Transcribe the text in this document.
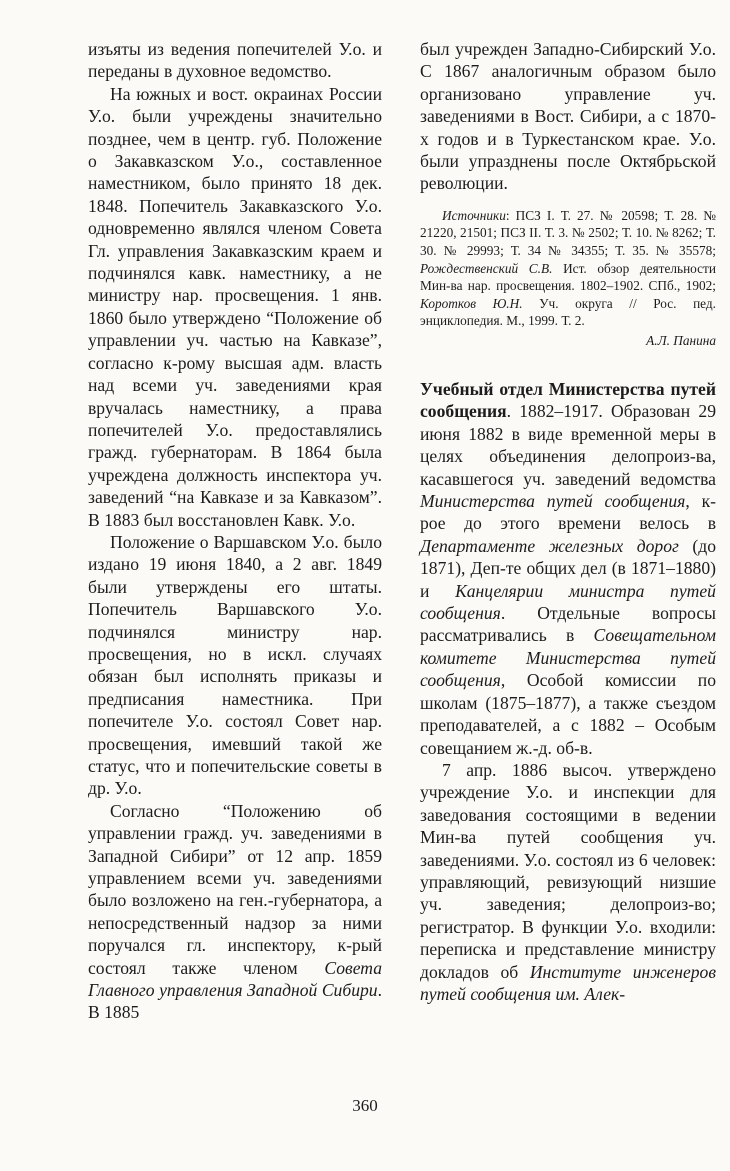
изъяты из ведения попечителей У.о. и переданы в духовное ведомство.

На южных и вост. окраинах России У.о. были учреждены значительно позднее, чем в центр. губ. Положение о Закавказском У.о., составленное наместником, было принято 18 дек. 1848. Попечитель Закавказского У.о. одновременно являлся членом Совета Гл. управления Закавказским краем и подчинялся кавк. наместнику, а не министру нар. просвещения. 1 янв. 1860 было утверждено “Положение об управлении уч. частью на Кавказе”, согласно к-рому высшая адм. власть над всеми уч. заведениями края вручалась наместнику, а права попечителей У.о. предоставлялись гражд. губернаторам. В 1864 была учреждена должность инспектора уч. заведений “на Кавказе и за Кавказом”. В 1883 был восстановлен Кавк. У.о.

Положение о Варшавском У.о. было издано 19 июня 1840, а 2 авг. 1849 были утверждены его штаты. Попечитель Варшавского У.о. подчинялся министру нар. просвещения, но в искл. случаях обязан был исполнять приказы и предписания наместника. При попечителе У.о. состоял Совет нар. просвещения, имевший такой же статус, что и попечительские советы в др. У.о.

Согласно “Положению об управлении гражд. уч. заведениями в Западной Сибири” от 12 апр. 1859 управлением всеми уч. заведениями было возложено на ген.-губернатора, а непосредственный надзор за ними поручался гл. инспектору, к-рый состоял также членом Совета Главного управления Западной Сибири. В 1885

был учрежден Западно-Сибирский У.о. С 1867 аналогичным образом было организовано управление уч. заведениями в Вост. Сибири, а с 1870-х годов и в Туркестанском крае. У.о. были упразднены после Октябрьской революции.

Источники: ПСЗ I. Т. 27. № 20598; Т. 28. № 21220, 21501; ПСЗ II. Т. 3. № 2502; Т. 10. № 8262; Т. 30. № 29993; Т. 34 № 34355; Т. 35. № 35578; Рождественский С.В. Ист. обзор деятельности Мин-ва нар. просвещения. 1802–1902. СПб., 1902; Коротков Ю.Н. Уч. округа // Рос. пед. энциклопедия. М., 1999. Т. 2.

А.Л. Панина

Учебный отдел Министерства путей сообщения. 1882–1917. Образован 29 июня 1882 в виде временной меры в целях объединения делопроиз-ва, касавшегося уч. заведений ведомства Министерства путей сообщения, к-рое до этого времени велось в Департаменте железных дорог (до 1871), Деп-те общих дел (в 1871–1880) и Канцелярии министра путей сообщения. Отдельные вопросы рассматривались в Совещательном комитете Министерства путей сообщения, Особой комиссии по школам (1875–1877), а также съездом преподавателей, а с 1882 – Особым совещанием ж.-д. об-в.

7 апр. 1886 высоч. утверждено учреждение У.о. и инспекции для заведования состоящими в ведении Мин-ва путей сообщения уч. заведениями. У.о. состоял из 6 человек: управляющий, ревизующий низшие уч. заведения; делопроиз-во; регистратор. В функции У.о. входили: переписка и представление министру докладов об Институте инженеров путей сообщения им. Алек-

360
